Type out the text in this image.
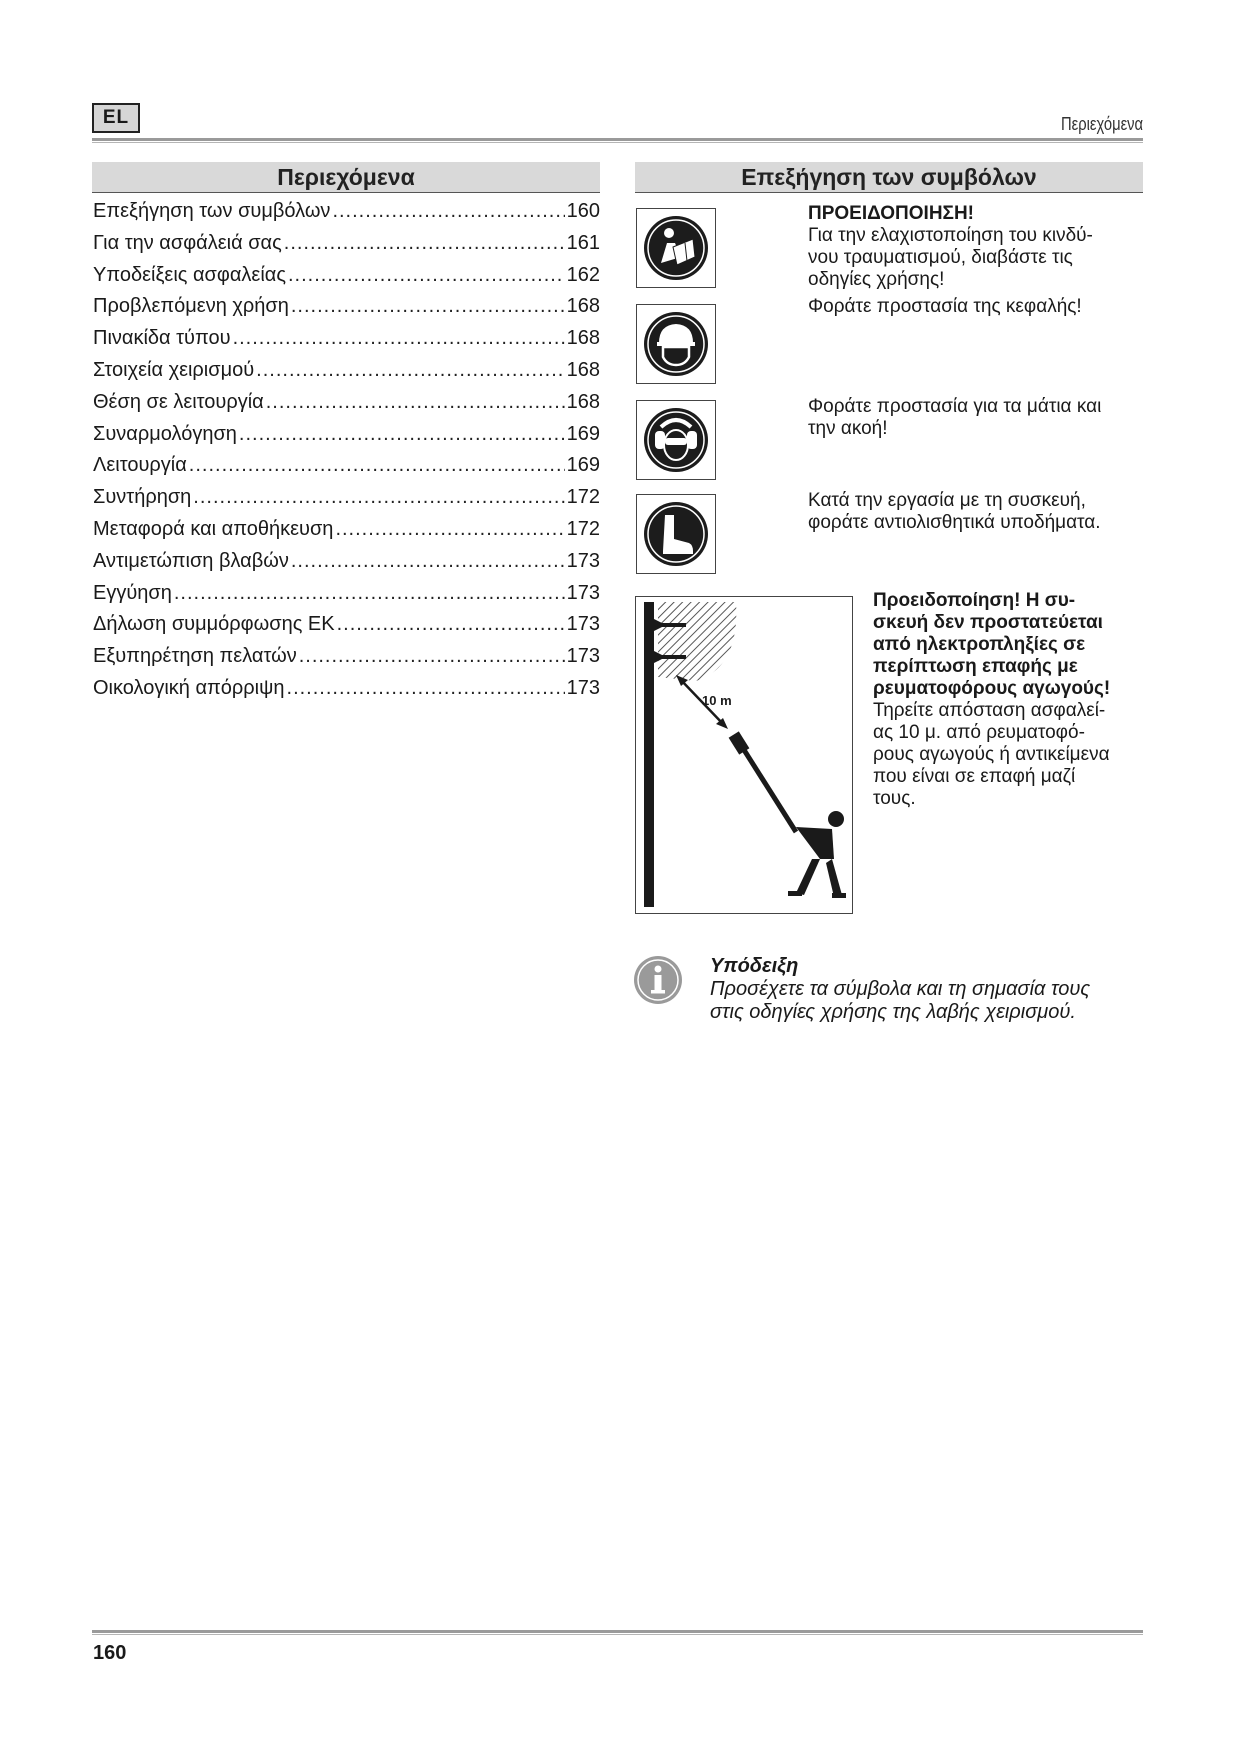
EL	Περιεχόμενα
Περιεχόμενα
Επεξήγηση των συμβόλων .....	160
Για την ασφάλειά σας .....	161
Υποδείξεις ασφαλείας .....	162
Προβλεπόμενη χρήση .....	168
Πινακίδα τύπου .....	168
Στοιχεία χειρισμού .....	168
Θέση σε λειτουργία .....	168
Συναρμολόγηση .....	169
Λειτουργία .....	169
Συντήρηση .....	172
Μεταφορά και αποθήκευση .....	172
Αντιμετώπιση βλαβών .....	173
Εγγύηση .....	173
Δήλωση συμμόρφωσης ΕΚ .....	173
Εξυπηρέτηση πελατών .....	173
Οικολογική απόρριψη .....	173
Επεξήγηση των συμβόλων
ΠΡΟΕΙΔΟΠΟΙΗΣΗ!
Για την ελαχιστοποίηση του κινδύ-
νου τραυματισμού, διαβάστε τις
οδηγίες χρήσης!
Φοράτε προστασία της κεφαλής!
Φοράτε προστασία για τα μάτια και
την ακοή!
Κατά την εργασία με τη συσκευή,
φοράτε αντιολισθητικά υποδήματα.
10 m
Προειδοποίηση! Η συ-
σκευή δεν προστατεύεται
από ηλεκτροπληξίες σε
περίπτωση επαφής με
ρευματοφόρους αγωγούς!
Τηρείτε απόσταση ασφαλεί-
ας 10 μ. από ρευματοφό-
ρους αγωγούς ή αντικείμενα
που είναι σε επαφή μαζί
τους.
Υπόδειξη
Προσέχετε τα σύμβολα και τη σημασία τους
στις οδηγίες χρήσης της λαβής χειρισμού.
160
